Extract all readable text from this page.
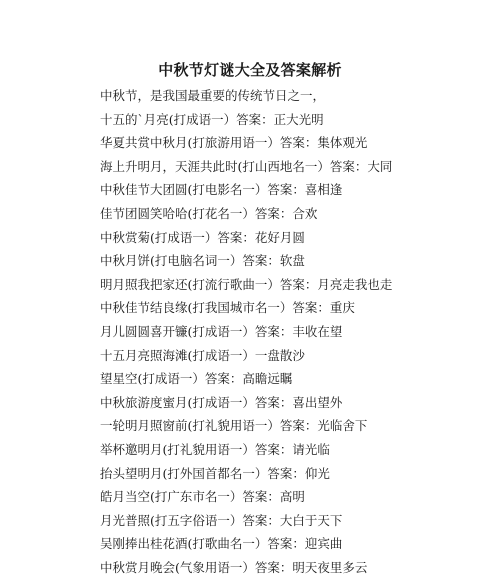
中秋节灯谜大全及答案解析
中秋节，是我国最重要的传统节日之一，
十五的`月亮(打成语一）答案：正大光明
华夏共赏中秋月(打旅游用语一）答案：集体观光
海上升明月，天涯共此时(打山西地名一）答案：大同
中秋佳节大团圆(打电影名一）答案：喜相逢
佳节团圆笑哈哈(打花名一）答案：合欢
中秋赏菊(打成语一）答案：花好月圆
中秋月饼(打电脑名词一）答案：软盘
明月照我把家还(打流行歌曲一）答案：月亮走我也走
中秋佳节结良缘(打我国城市名一）答案：重庆
月儿圆圆喜开镰(打成语一）答案：丰收在望
十五月亮照海滩(打成语一）一盘散沙
望星空(打成语一）答案：高瞻远瞩
中秋旅游度蜜月(打成语一）答案：喜出望外
一轮明月照窗前(打礼貌用语一）答案：光临舍下
举杯邀明月(打礼貌用语一）答案：请光临
抬头望明月(打外国首都名一）答案：仰光
皓月当空(打广东市名一）答案：高明
月光普照(打五字俗语一）答案：大白于天下
吴刚捧出桂花酒(打歌曲名一）答案：迎宾曲
中秋赏月晚会(气象用语一）答案：明天夜里多云
